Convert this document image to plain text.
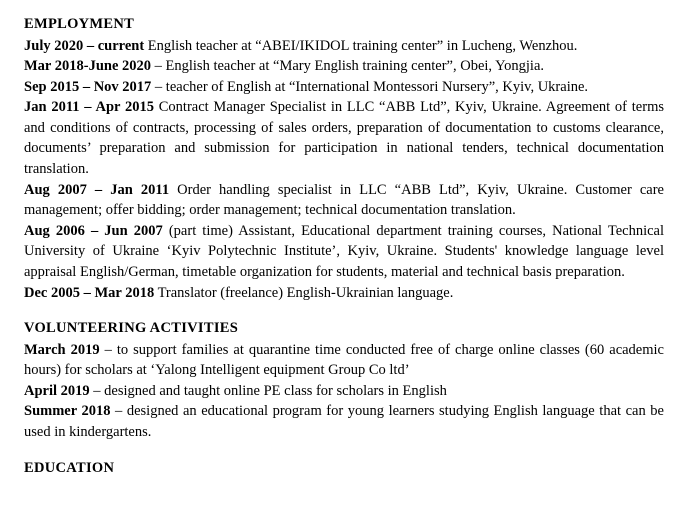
EMPLOYMENT

July 2020 – current English teacher at “ABEI/IKIDOL training center” in Lucheng, Wenzhou.

Mar 2018-June 2020 – English teacher at “Mary English training center”, Obei, Yongjia.

Sep 2015 – Nov 2017 – teacher of English at “International Montessori Nursery”, Kyiv, Ukraine.

Jan 2011 – Apr 2015 Contract Manager Specialist in LLC “ABB Ltd”, Kyiv, Ukraine. Agreement of terms and conditions of contracts, processing of sales orders, preparation of documentation to customs clearance, documents’ preparation and submission for participation in national tenders, technical documentation translation.

Aug 2007 – Jan 2011 Order handling specialist in LLC “ABB Ltd”, Kyiv, Ukraine. Customer care management; offer bidding; order management; technical documentation translation.

Aug 2006 – Jun 2007 (part time) Assistant, Educational department training courses, National Technical University of Ukraine ‘Kyiv Polytechnic Institute’, Kyiv, Ukraine. Students' knowledge language level appraisal English/German, timetable organization for students, material and technical basis preparation.

Dec 2005 – Mar 2018 Translator (freelance) English-Ukrainian language.

VOLUNTEERING ACTIVITIES

March 2019 – to support families at quarantine time conducted free of charge online classes (60 academic hours) for scholars at ‘Yalong Intelligent equipment Group Co ltd’

April 2019 – designed and taught online PE class for scholars in English

Summer 2018 – designed an educational program for young learners studying English language that can be used in kindergartens.

EDUCATION
